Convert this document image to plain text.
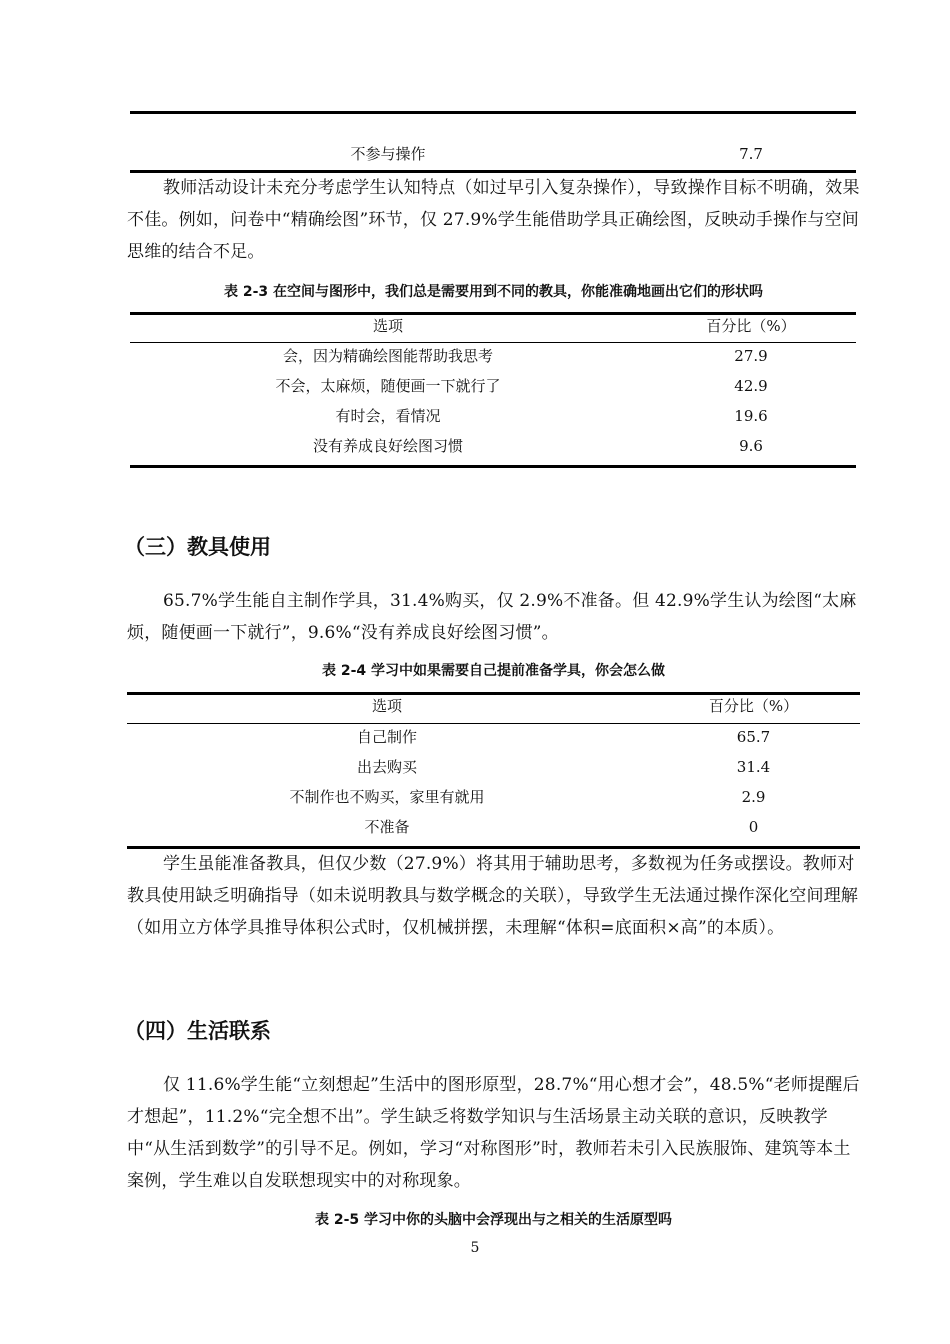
不参与操作	7.7

教师活动设计未充分考虑学生认知特点（如过早引入复杂操作），导致操作目标不明确，效果不佳。例如，问卷中“精确绘图”环节，仅 27.9%学生能借助学具正确绘图，反映动手操作与空间思维的结合不足。

表 2-3 在空间与图形中，我们总是需要用到不同的教具，你能准确地画出它们的形状吗
选项	百分比（%）
会，因为精确绘图能帮助我思考	27.9
不会，太麻烦，随便画一下就行了	42.9
有时会，看情况	19.6
没有养成良好绘图习惯	9.6
（三）教具使用

65.7%学生能自主制作学具，31.4%购买，仅 2.9%不准备。但 42.9%学生认为绘图“太麻烦，随便画一下就行”，9.6%“没有养成良好绘图习惯”。

表 2-4 学习中如果需要自己提前准备学具，你会怎么做
选项	百分比（%）
自己制作	65.7
出去购买	31.4
不制作也不购买，家里有就用	2.9
不准备	0

学生虽能准备教具，但仅少数（27.9%）将其用于辅助思考，多数视为任务或摆设。教师对教具使用缺乏明确指导（如未说明教具与数学概念的关联），导致学生无法通过操作深化空间理解（如用立方体学具推导体积公式时，仅机械拼摆，未理解“体积=底面积×高”的本质）。

（四）生活联系

仅 11.6%学生能“立刻想起”生活中的图形原型，28.7%“用心想才会”，48.5%“老师提醒后才想起”，11.2%“完全想不出”。学生缺乏将数学知识与生活场景主动关联的意识，反映教学中“从生活到数学”的引导不足。例如，学习“对称图形”时，教师若未引入民族服饰、建筑等本土案例，学生难以自发联想现实中的对称现象。

表 2-5 学习中你的头脑中会浮现出与之相关的生活原型吗
5
